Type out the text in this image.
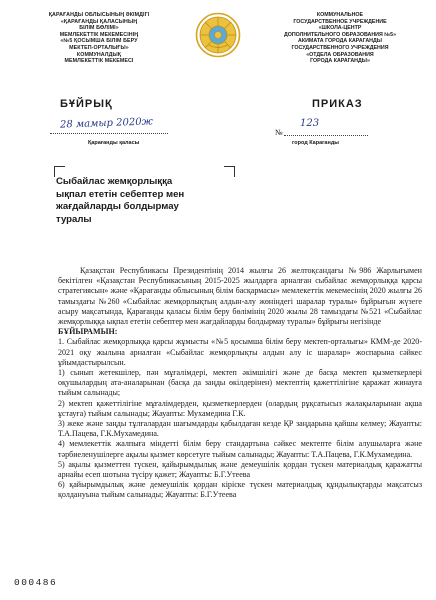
ҚАРАҒАНДЫ ОБЛЫСЫНЫҢ ӘКІМДІГІ
«ҚАРАҒАНДЫ ҚАЛАСЫНЫҢ
БІЛІМ БӨЛІМІ»
МЕМЛЕКЕТТІК МЕКЕМЕСІНІҢ
«№5 ҚОСЫМША БІЛІМ БЕРУ
МЕКТЕП-ОРТАЛЫҒЫ»
КОММУНАЛДЫҚ
МЕМЛЕКЕТТІК МЕКЕМЕСІ
КОММУНАЛЬНОЕ
ГОСУДАРСТВЕННОЕ УЧРЕЖДЕНИЕ
«ШКОЛА-ЦЕНТР
ДОПОЛНИТЕЛЬНОГО ОБРАЗОВАНИЯ №5»
АКИМАТА ГОРОДА КАРАГАНДЫ
ГОСУДАРСТВЕННОГО УЧРЕЖДЕНИЯ
«ОТДЕЛА ОБРАЗОВАНИЯ
ГОРОДА КАРАГАНДЫ»
БҰЙРЫҚ	ПРИКАЗ
28 мамыр 2020ж
№
123
Қарағанды қаласы	город Караганды
Сыбайлас жемқорлыққа
ықпал ететін себептер мен
жағдайларды болдырмау
туралы

Қазақстан Республикасы Президентінің 2014 жылғы 26 желтоқсандағы №986 Жарлығымен бекітілген «Қазақстан Республикасының 2015-2025 жылдарға арналған сыбайлас жемқорлыққа қарсы стратегиясын» және «Қарағанды облысының білім басқармасы» мемлекеттік мекемесінің 2020 жылғы 26 тамыздағы №260 «Сыбайлас жемқорлықтың алдын-алу жөніндегі шаралар туралы» бұйрығын жүзеге асыру мақсатында, Қарағанды қаласы білім беру бөлімінің 2020 жылы 28 тамыздағы №521 «Сыбайлас жемқорлыққа ықпал ететін себептер мен жағдайларды болдырмау туралы» бұйрығы негізінде

БҰЙЫРАМЫН:

1. Сыбайлас жемқорлыққа қарсы жұмысты «№5 қосымша білім беру мектеп-орталығы» КММ-де 2020-2021 оқу жылына арналған «Сыбайлас жемқорлықты алдын алу іс шаралар» жоспарына сәйкес ұйымдастырылсын.

1) сынып жетекшілер, пән мұғалімдері, мектеп әкімшілігі және де басқа мектеп қызметкерлері оқушылардың ата-аналарынан (басқа да заңды өкілдерінен) мектептің қажеттілігіне қаражат жинауға тыйым салынады;

2) мектеп қажеттілігіне мұғалімдерден, қызметкерлерден (олардың рұқсатысыз жалақыларынан ақша ұстауға) тыйым салынады; Жауапты: Мухамедина Г.К.

3) жеке және заңды тұлғалардан шағымдарды қабылдаған кезде ҚР заңдарына қайшы келмеу; Жауапты: Т.А.Пацева, Г.К.Мухамедина.

4) мемлекеттік жалпыға міндетті білім беру стандартына сәйкес мектепте білім алушыларға және тәрбиеленушілерге ақылы қызмет көрсетуге тыйым салынады; Жауапты: Т.А.Пацева, Г.К.Мухамедина.

5) ақылы қызметтен түскен, қайырымдылық және демеушілік қордан түскен материалдық қаражатты арнайы есеп шотына түсіру қажет; Жауапты: Б.Г.Утеева

6) қайырымдылық және демеушілік қордан кіріске түскен материалдық құндылықтарды мақсатсыз қолдануына тыйым салынады; Жауапты: Б.Г.Утеева

000486
